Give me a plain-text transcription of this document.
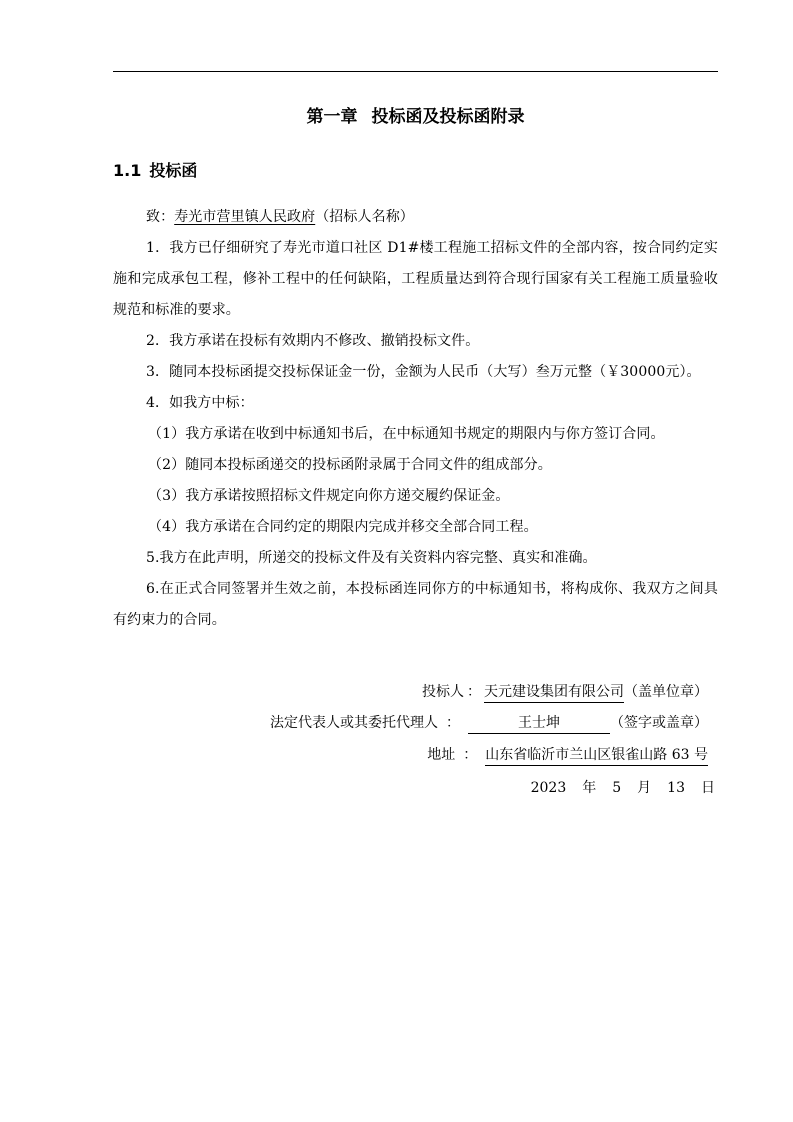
第一章 投标函及投标函附录
1.1 投标函

致：寿光市营里镇人民政府（招标人名称）

1．我方已仔细研究了寿光市道口社区 D1#楼工程施工招标文件的全部内容，按合同约定实施和完成承包工程，修补工程中的任何缺陷，工程质量达到符合现行国家有关工程施工质量验收规范和标准的要求。

2．我方承诺在投标有效期内不修改、撤销投标文件。

3．随同本投标函提交投标保证金一份，金额为人民币（大写）叁万元整（￥30000元）。

4．如我方中标：

（1）我方承诺在收到中标通知书后，在中标通知书规定的期限内与你方签订合同。

（2）随同本投标函递交的投标函附录属于合同文件的组成部分。

（3）我方承诺按照招标文件规定向你方递交履约保证金。

（4）我方承诺在合同约定的期限内完成并移交全部合同工程。

5.我方在此声明，所递交的投标文件及有关资料内容完整、真实和准确。

6.在正式合同签署并生效之前，本投标函连同你方的中标通知书，将构成你、我双方之间具有约束力的合同。

投标人 ： 天元建设集团有限公司（盖单位章）
法定代表人或其委托代理人 ：	王士坤	（签字或盖章）
地址 ： 山东省临沂市兰山区银雀山路 63 号
2023 年 5 月 13 日
